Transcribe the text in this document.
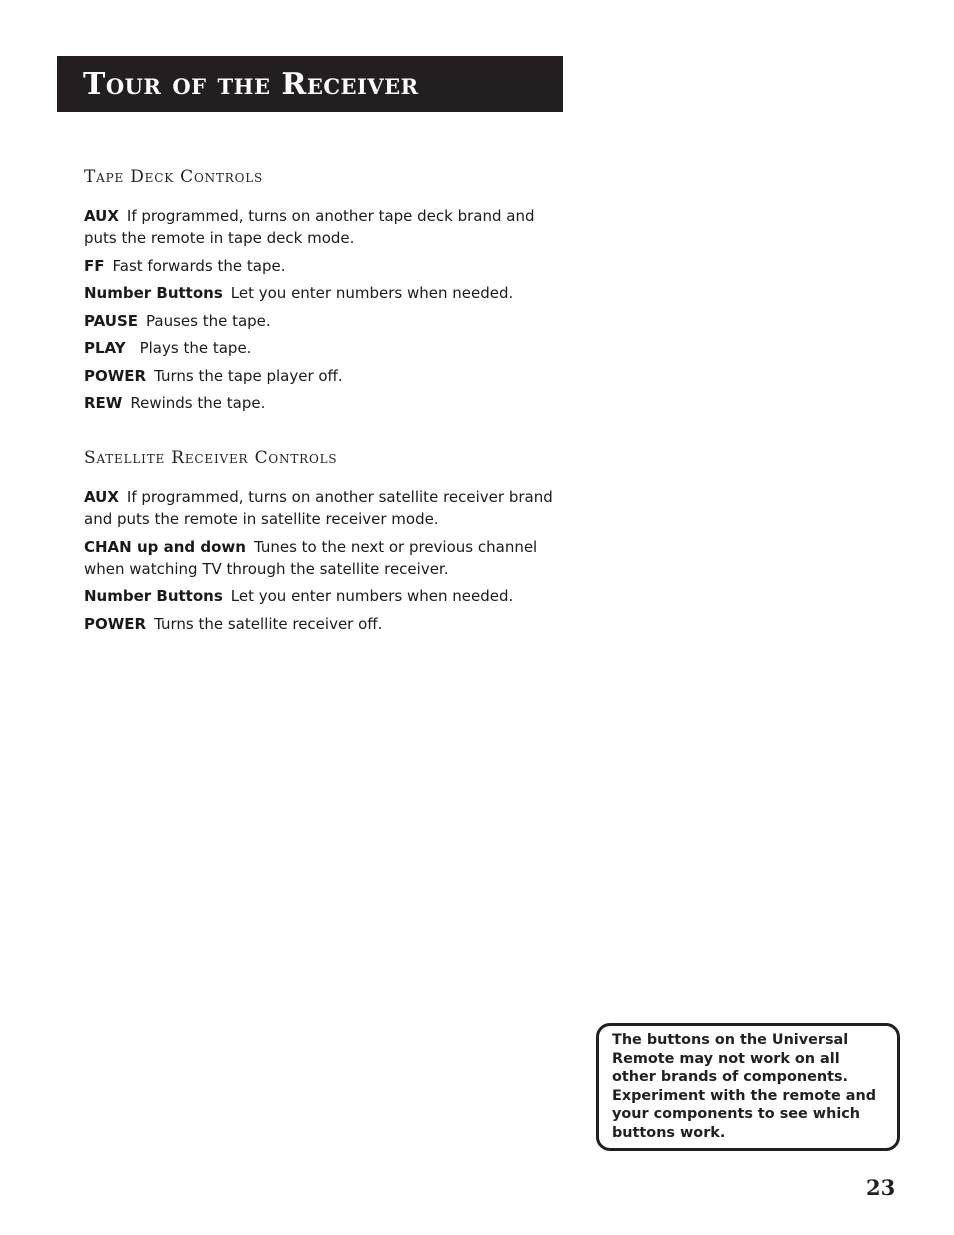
Tour of the Receiver
Tape Deck Controls
AUX If programmed, turns on another tape deck brand and puts the remote in tape deck mode.
FF Fast forwards the tape.
Number Buttons Let you enter numbers when needed.
PAUSE Pauses the tape.
PLAY Plays the tape.
POWER Turns the tape player off.
REW Rewinds the tape.
Satellite Receiver Controls
AUX If programmed, turns on another satellite receiver brand and puts the remote in satellite receiver mode.
CHAN up and down Tunes to the next or previous channel when watching TV through the satellite receiver.
Number Buttons Let you enter numbers when needed.
POWER Turns the satellite receiver off.
The buttons on the Universal Remote may not work on all other brands of components. Experiment with the remote and your components to see which buttons work.
23
